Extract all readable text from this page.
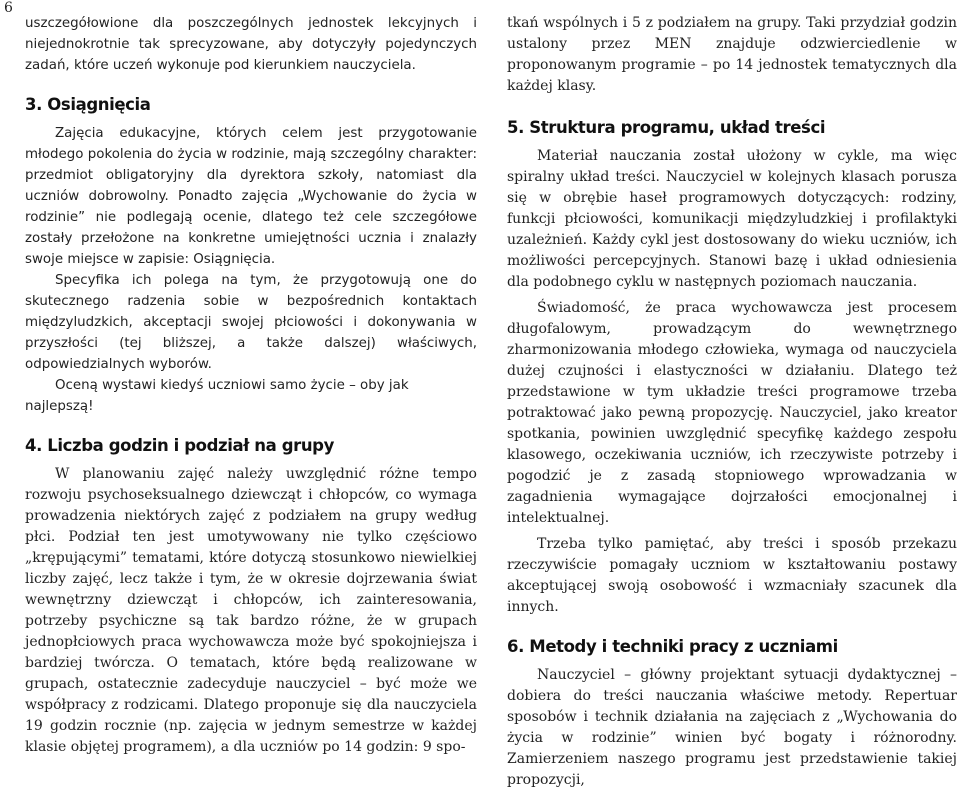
6

uszczegółowione dla poszczególnych jednostek lekcyjnych i niejednokrotnie tak sprecyzowane, aby dotyczyły pojedynczych zadań, które uczeń wykonuje pod kierunkiem nauczyciela.

3. Osiągnięcia

Zajęcia edukacyjne, których celem jest przygotowanie młodego pokolenia do życia w rodzinie, mają szczególny charakter: przedmiot obligatoryjny dla dyrektora szkoły, natomiast dla uczniów dobrowolny. Ponadto zajęcia „Wychowanie do życia w rodzinie” nie podlegają ocenie, dlatego też cele szczegółowe zostały przełożone na konkretne umiejętności ucznia i znalazły swoje miejsce w zapisie: Osiągnięcia.

Specyfika ich polega na tym, że przygotowują one do skutecznego radzenia sobie w bezpośrednich kontaktach międzyludzkich, akceptacji swojej płciowości i dokonywania w przyszłości (tej bliższej, a także dalszej) właściwych, odpowiedzialnych wyborów.

Oceną wystawi kiedyś uczniowi samo życie – oby jak najlepszą!

4. Liczba godzin i podział na grupy

W planowaniu zajęć należy uwzględnić różne tempo rozwoju psychoseksualnego dziewcząt i chłopców, co wymaga prowadzenia niektórych zajęć z podziałem na grupy według płci. Podział ten jest umotywowany nie tylko częściowo „krępującymi” tematami, które dotyczą stosunkowo niewielkiej liczby zajęć, lecz także i tym, że w okresie dojrzewania świat wewnętrzny dziewcząt i chłopców, ich zainteresowania, potrzeby psychiczne są tak bardzo różne, że w grupach jednopłciowych praca wychowawcza może być spokojniejsza i bardziej twórcza. O tematach, które będą realizowane w grupach, ostatecznie zadecyduje nauczyciel – być może we współpracy z rodzicami. Dlatego proponuje się dla nauczyciela 19 godzin rocznie (np. zajęcia w jednym semestrze w każdej klasie objętej programem), a dla uczniów po 14 godzin: 9 spo-

tkań wspólnych i 5 z podziałem na grupy. Taki przydział godzin ustalony przez MEN znajduje odzwierciedlenie w proponowanym programie – po 14 jednostek tematycznych dla każdej klasy.

5. Struktura programu, układ treści

Materiał nauczania został ułożony w cykle, ma więc spiralny układ treści. Nauczyciel w kolejnych klasach porusza się w obrębie haseł programowych dotyczących: rodziny, funkcji płciowości, komunikacji międzyludzkiej i profilaktyki uzależnień. Każdy cykl jest dostosowany do wieku uczniów, ich możliwości percepcyjnych. Stanowi bazę i układ odniesienia dla podobnego cyklu w następnych poziomach nauczania.

Świadomość, że praca wychowawcza jest procesem długofalowym, prowadzącym do wewnętrznego zharmonizowania młodego człowieka, wymaga od nauczyciela dużej czujności i elastyczności w działaniu. Dlatego też przedstawione w tym układzie treści programowe trzeba potraktować jako pewną propozycję. Nauczyciel, jako kreator spotkania, powinien uwzględnić specyfikę każdego zespołu klasowego, oczekiwania uczniów, ich rzeczywiste potrzeby i pogodzić je z zasadą stopniowego wprowadzania w zagadnienia wymagające dojrzałości emocjonalnej i intelektualnej.

Trzeba tylko pamiętać, aby treści i sposób przekazu rzeczywiście pomagały uczniom w kształtowaniu postawy akceptującej swoją osobowość i wzmacniały szacunek dla innych.

6. Metody i techniki pracy z uczniami

Nauczyciel – główny projektant sytuacji dydaktycznej – dobiera do treści nauczania właściwe metody. Repertuar sposobów i technik działania na zajęciach z „Wychowania do życia w rodzinie” winien być bogaty i różnorodny. Zamierzeniem naszego programu jest przedstawienie takiej propozycji,
